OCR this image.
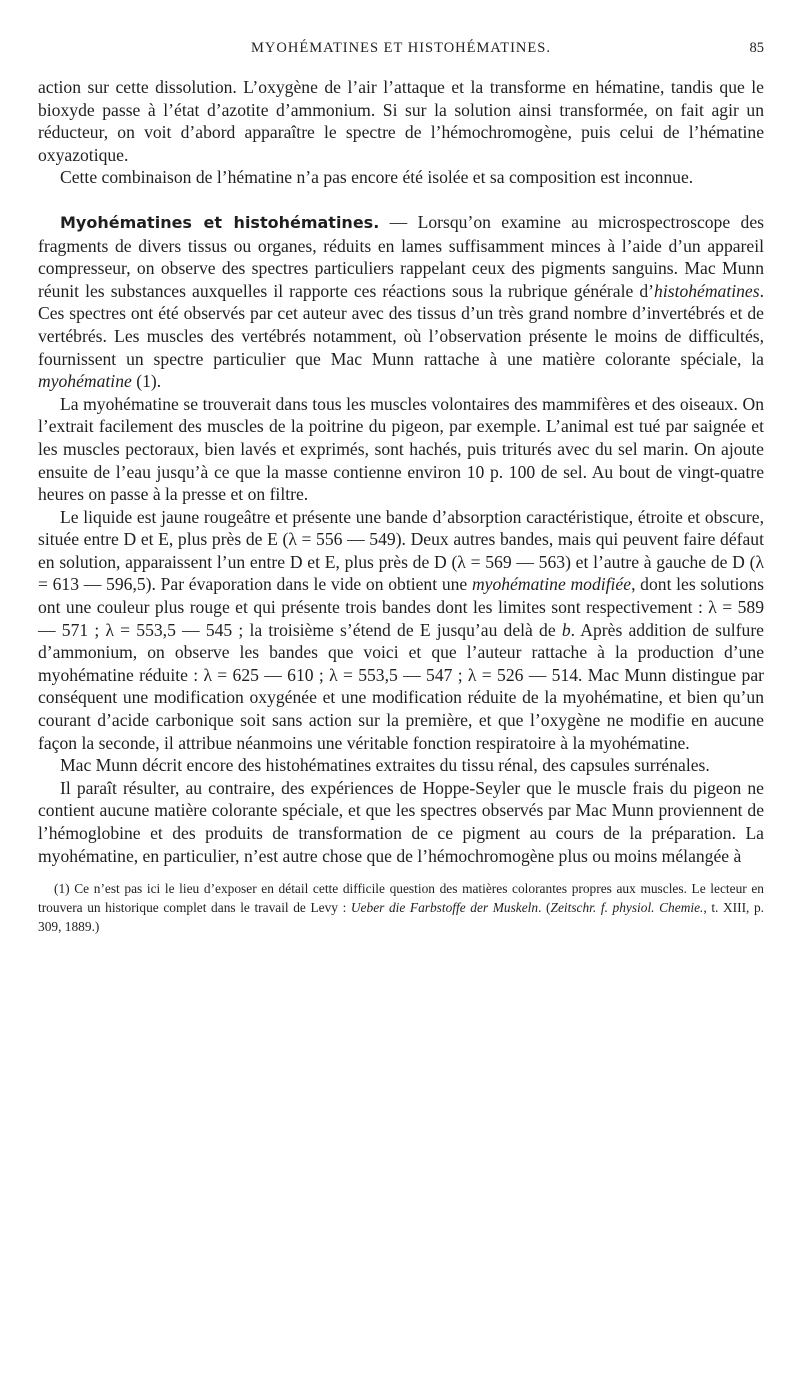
MYOHÉMATINES ET HISTOHÉMATINES.	85

action sur cette dissolution. L’oxygène de l’air l’attaque et la transforme en hématine, tandis que le bioxyde passe à l’état d’azotite d’ammonium. Si sur la solution ainsi transformée, on fait agir un réducteur, on voit d’abord apparaître le spectre de l’hémochromogène, puis celui de l’hématine oxyazotique.

Cette combinaison de l’hématine n’a pas encore été isolée et sa composition est inconnue.

Myohématines et histohématines. — Lorsqu’on examine au microspectroscope des fragments de divers tissus ou organes, réduits en lames suffisamment minces à l’aide d’un appareil compresseur, on observe des spectres particuliers rappelant ceux des pigments sanguins. Mac Munn réunit les substances auxquelles il rapporte ces réactions sous la rubrique générale d’histohématines. Ces spectres ont été observés par cet auteur avec des tissus d’un très grand nombre d’invertébrés et de vertébrés. Les muscles des vertébrés notamment, où l’observation présente le moins de difficultés, fournissent un spectre particulier que Mac Munn rattache à une matière colorante spéciale, la myohématine (1).

La myohématine se trouverait dans tous les muscles volontaires des mammifères et des oiseaux. On l’extrait facilement des muscles de la poitrine du pigeon, par exemple. L’animal est tué par saignée et les muscles pectoraux, bien lavés et exprimés, sont hachés, puis triturés avec du sel marin. On ajoute ensuite de l’eau jusqu’à ce que la masse contienne environ 10 p. 100 de sel. Au bout de vingt-quatre heures on passe à la presse et on filtre.

Le liquide est jaune rougeâtre et présente une bande d’absorption caractéristique, étroite et obscure, située entre D et E, plus près de E (λ = 556 — 549). Deux autres bandes, mais qui peuvent faire défaut en solution, apparaissent l’un entre D et E, plus près de D (λ = 569 — 563) et l’autre à gauche de D (λ = 613 — 596,5). Par évaporation dans le vide on obtient une myohématine modifiée, dont les solutions ont une couleur plus rouge et qui présente trois bandes dont les limites sont respectivement : λ = 589 — 571 ; λ = 553,5 — 545 ; la troisième s’étend de E jusqu’au delà de b. Après addition de sulfure d’ammonium, on observe les bandes que voici et que l’auteur rattache à la production d’une myohématine réduite : λ = 625 — 610 ; λ = 553,5 — 547 ; λ = 526 — 514. Mac Munn distingue par conséquent une modification oxygénée et une modification réduite de la myohématine, et bien qu’un courant d’acide carbonique soit sans action sur la première, et que l’oxygène ne modifie en aucune façon la seconde, il attribue néanmoins une véritable fonction respiratoire à la myohématine.

Mac Munn décrit encore des histohématines extraites du tissu rénal, des capsules surrénales.

Il paraît résulter, au contraire, des expériences de Hoppe-Seyler que le muscle frais du pigeon ne contient aucune matière colorante spéciale, et que les spectres observés par Mac Munn proviennent de l’hémoglobine et des produits de transformation de ce pigment au cours de la préparation. La myohématine, en particulier, n’est autre chose que de l’hémochromogène plus ou moins mélangée à

(1) Ce n’est pas ici le lieu d’exposer en détail cette difficile question des matières colorantes propres aux muscles. Le lecteur en trouvera un historique complet dans le travail de Levy : Ueber die Farbstoffe der Muskeln. (Zeitschr. f. physiol. Chemie., t. XIII, p. 309, 1889.)
